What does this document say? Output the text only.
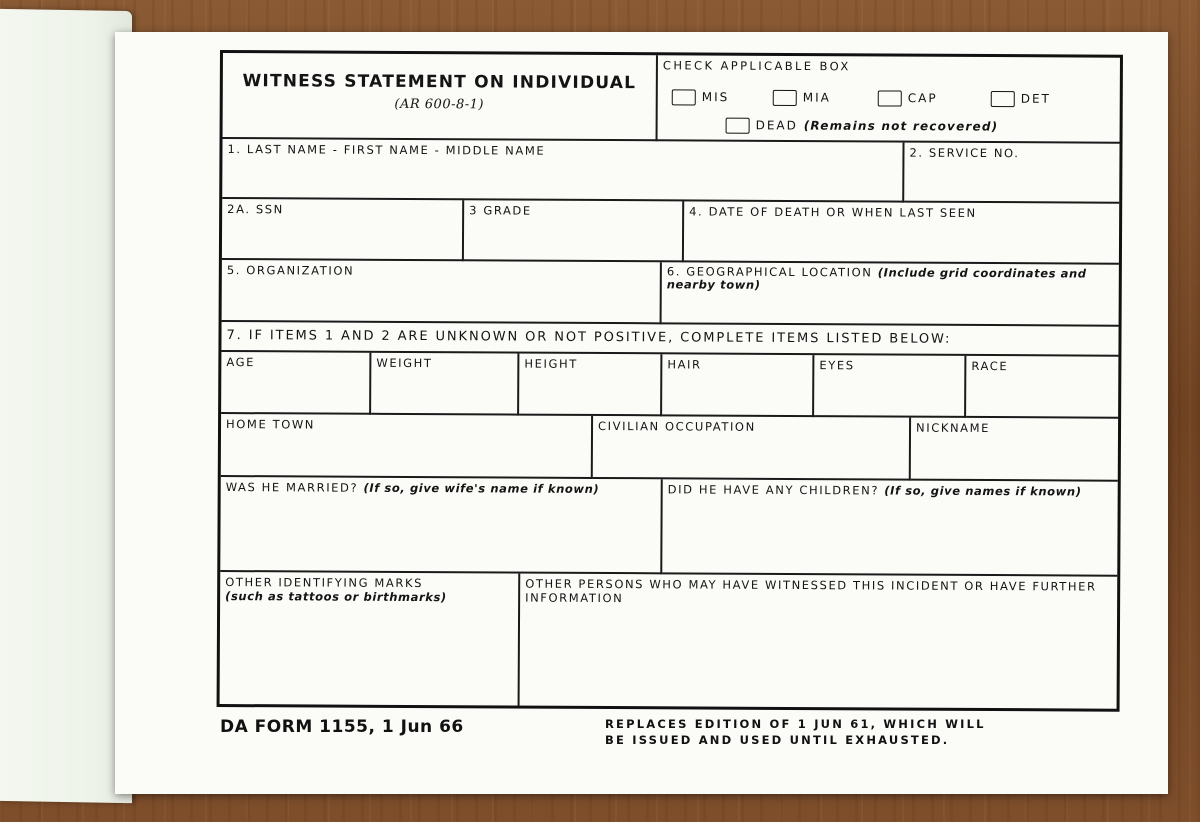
WITNESS STATEMENT ON INDIVIDUAL
(AR 600-8-1)
CHECK APPLICABLE BOX
MIS	MIA	CAP	DET
DEAD (Remains not recovered)
1. LAST NAME - FIRST NAME - MIDDLE NAME	2. SERVICE NO.
2A. SSN	3 GRADE	4. DATE OF DEATH OR WHEN LAST SEEN
5. ORGANIZATION	6. GEOGRAPHICAL LOCATION (Include grid coordinates and nearby town)
7. IF ITEMS 1 AND 2 ARE UNKNOWN OR NOT POSITIVE, COMPLETE ITEMS LISTED BELOW:
AGE	WEIGHT	HEIGHT	HAIR	EYES	RACE
HOME TOWN	CIVILIAN OCCUPATION	NICKNAME
WAS HE MARRIED? (If so, give wife's name if known)	DID HE HAVE ANY CHILDREN? (If so, give names if known)
OTHER IDENTIFYING MARKS
(such as tattoos or birthmarks)
OTHER PERSONS WHO MAY HAVE WITNESSED THIS INCIDENT OR HAVE FURTHER INFORMATION
DA FORM 1155, 1 Jun 66	REPLACES EDITION OF 1 JUN 61, WHICH WILL
BE ISSUED AND USED UNTIL EXHAUSTED.
